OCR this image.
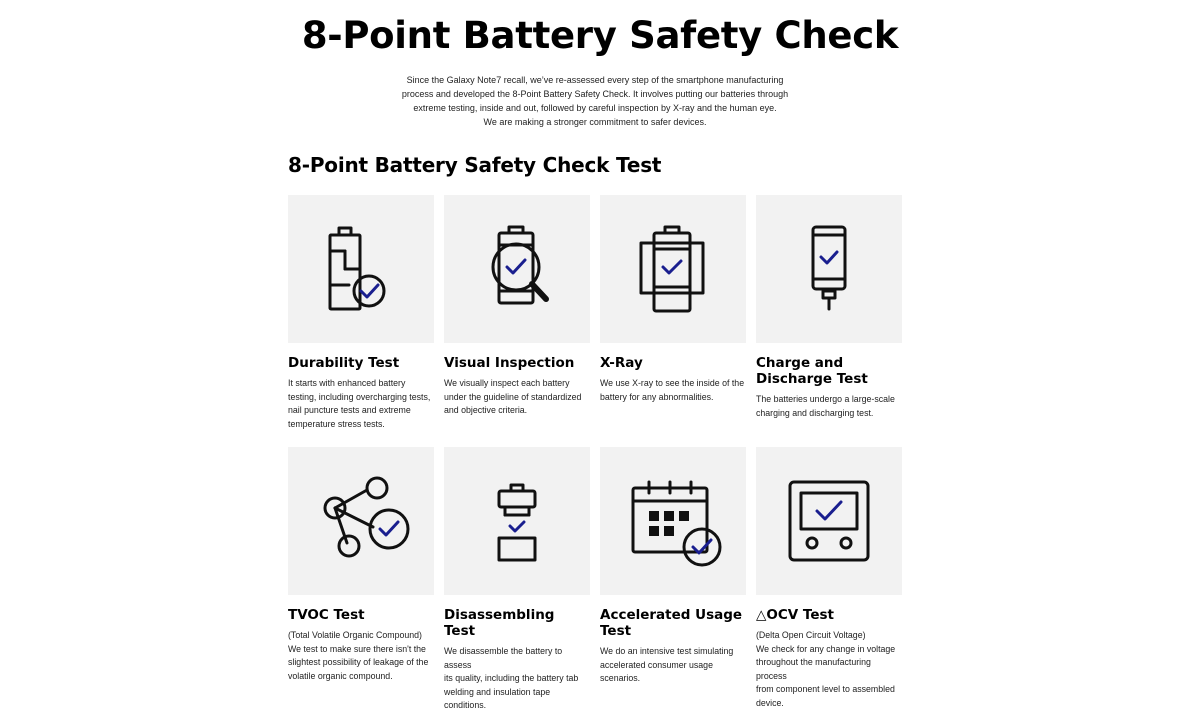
8-Point Battery Safety Check

Since the Galaxy Note7 recall, we’ve re-assessed every step of the smartphone manufacturing

process and developed the 8-Point Battery Safety Check. It involves putting our batteries through

extreme testing, inside and out, followed by careful inspection by X-ray and the human eye.

We are making a stronger commitment to safer devices.

8-Point Battery Safety Check Test
Durability Test
It starts with enhanced battery
testing, including overcharging tests,
nail puncture tests and extreme
temperature stress tests.
Visual Inspection
We visually inspect each battery
under the guideline of standardized
and objective criteria.
X-Ray
We use X-ray to see the inside of the
battery for any abnormalities.
Charge and Discharge Test
The batteries undergo a large-scale
charging and discharging test.
TVOC Test
(Total Volatile Organic Compound)
We test to make sure there isn't the
slightest possibility of leakage of the
volatile organic compound.
Disassembling Test
We disassemble the battery to assess
its quality, including the battery tab
welding and insulation tape
conditions.
Accelerated Usage Test
We do an intensive test simulating
accelerated consumer usage
scenarios.
△OCV Test
(Delta Open Circuit Voltage)
We check for any change in voltage
throughout the manufacturing process
from component level to assembled
device.
